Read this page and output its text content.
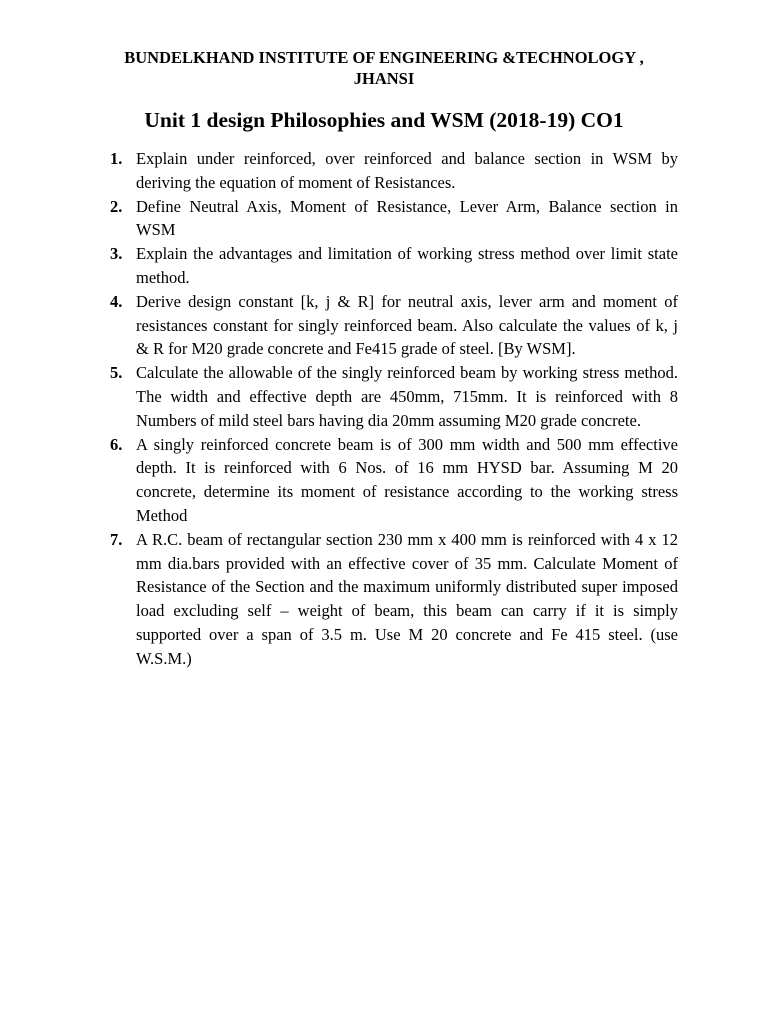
BUNDELKHAND INSTITUTE OF ENGINEERING &TECHNOLOGY ,
JHANSI
Unit 1 design Philosophies and WSM (2018-19) CO1
1. Explain under reinforced, over reinforced and balance section in WSM by deriving the equation of moment of Resistances.
2. Define Neutral Axis, Moment of Resistance, Lever Arm, Balance section in WSM
3. Explain the advantages and limitation of working stress method over limit state method.
4. Derive design constant [k, j & R] for neutral axis, lever arm and moment of resistances constant for singly reinforced beam. Also calculate the values of k, j & R for M20 grade concrete and Fe415 grade of steel. [By WSM].
5. Calculate the allowable of the singly reinforced beam by working stress method. The width and effective depth are 450mm, 715mm. It is reinforced with 8 Numbers of mild steel bars having dia 20mm assuming M20 grade concrete.
6. A singly reinforced concrete beam is of 300 mm width and 500 mm effective depth. It is reinforced with 6 Nos. of 16 mm HYSD bar. Assuming M 20 concrete, determine its moment of resistance according to the working stress Method
7. A R.C. beam of rectangular section 230 mm x 400 mm is reinforced with 4 x 12 mm dia.bars provided with an effective cover of 35 mm. Calculate Moment of Resistance of the Section and the maximum uniformly distributed super imposed load excluding self – weight of beam, this beam can carry if it is simply supported over a span of 3.5 m. Use M 20 concrete and Fe 415 steel. (use W.S.M.)
